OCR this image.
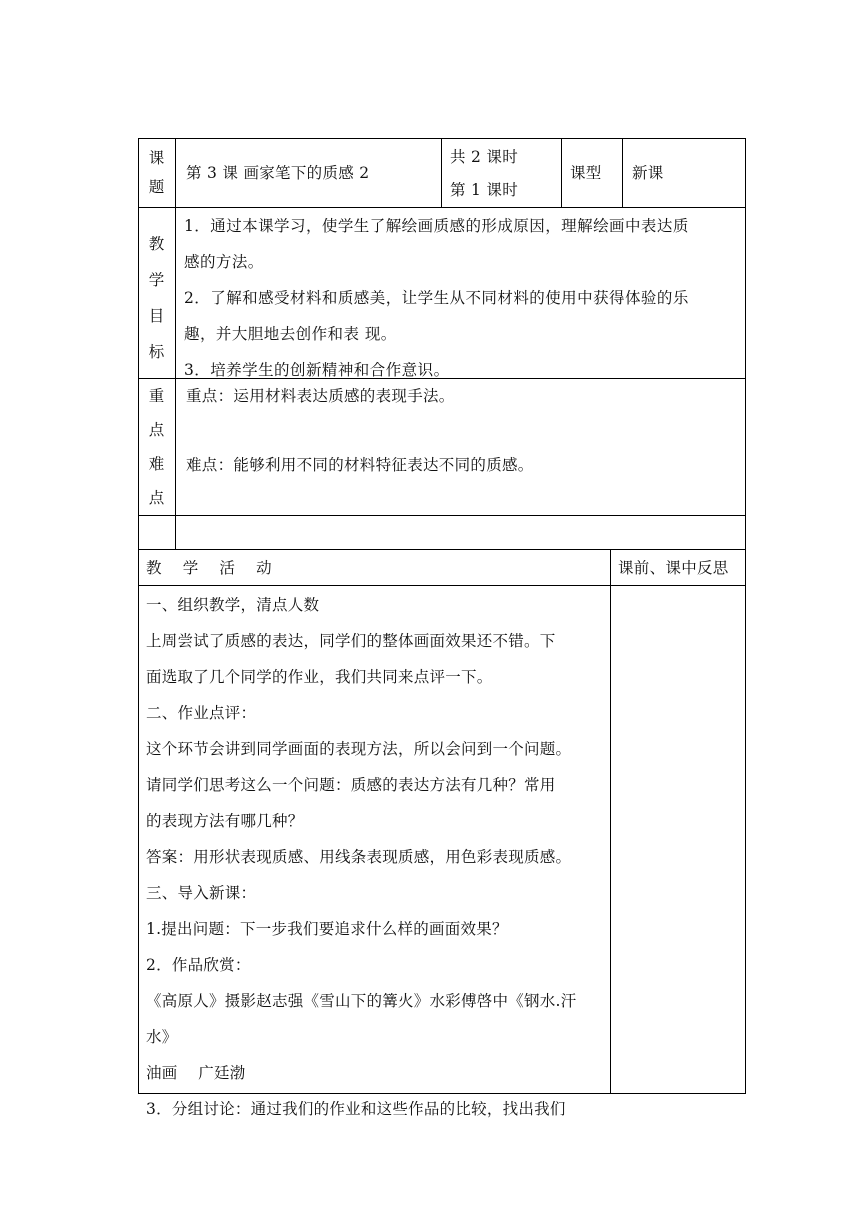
课
题
第 3 课 画家笔下的质感 2
共 2 课时
第 1 课时
课型 新课
教
学
目
标
1．通过本课学习，使学生了解绘画质感的形成原因，理解绘画中表达质
感的方法。
2．了解和感受材料和质感美，让学生从不同材料的使用中获得体验的乐
趣，并大胆地去创作和表 现。
3．培养学生的创新精神和合作意识。
重
点
难
点
重点：运用材料表达质感的表现手法。
难点：能够利用不同的材料特征表达不同的质感。
教    学    活    动	课前、课中反思
一、组织教学，清点人数
上周尝试了质感的表达，同学们的整体画面效果还不错。下
面选取了几个同学的作业，我们共同来点评一下。
二、作业点评：
这个环节会讲到同学画面的表现方法，所以会问到一个问题。
请同学们思考这么一个问题：质感的表达方法有几种？常用
的表现方法有哪几种？
答案：用形状表现质感、用线条表现质感，用色彩表现质感。
三、导入新课：
1.提出问题：下一步我们要追求什么样的画面效果？
2．作品欣赏：
《高原人》摄影赵志强《雪山下的篝火》水彩傅啓中《钢水.汗
水》
油画    广廷渤
3．分组讨论：通过我们的作业和这些作品的比较，找出我们
